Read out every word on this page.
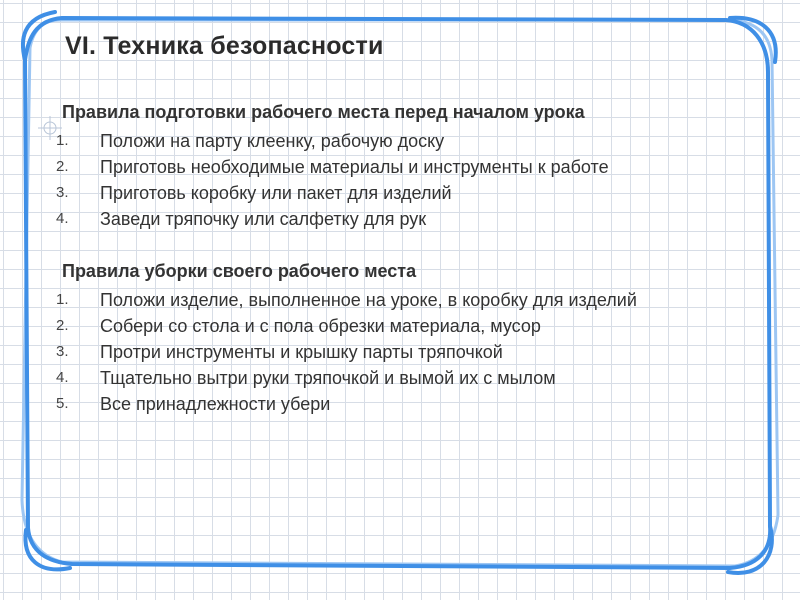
VI. Техника безопасности
Правила подготовки рабочего места перед началом урока
1. Положи на парту клеенку, рабочую доску
2. Приготовь необходимые материалы и инструменты к работе
3. Приготовь коробку или пакет для изделий
4. Заведи тряпочку или салфетку для рук
Правила уборки своего рабочего места
1. Положи изделие, выполненное на уроке, в коробку для изделий
2. Собери со стола и с пола обрезки материала, мусор
3. Протри инструменты и крышку парты тряпочкой
4. Тщательно вытри руки тряпочкой и вымой их с мылом
5. Все принадлежности убери
